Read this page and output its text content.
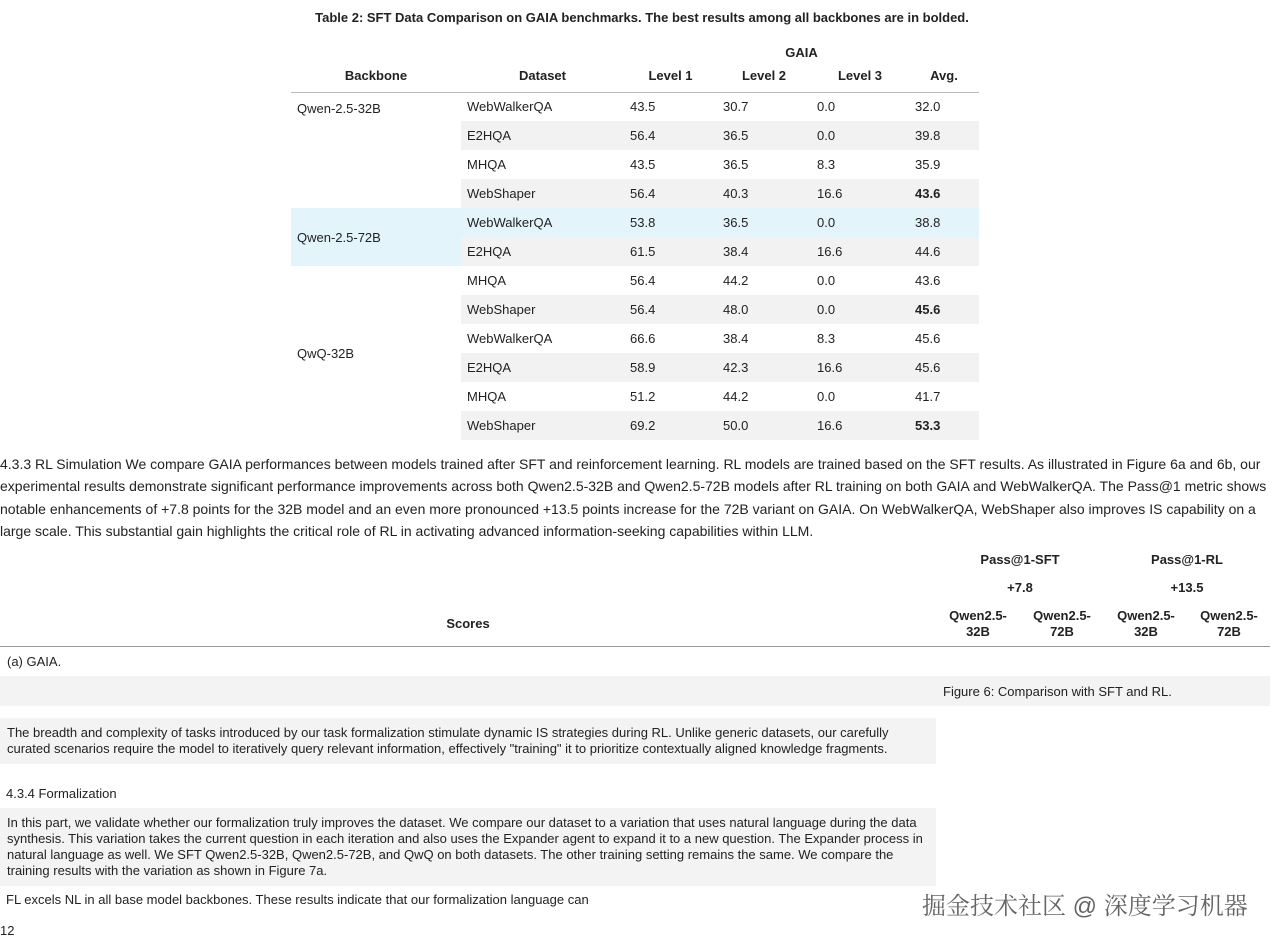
Table 2: SFT Data Comparison on GAIA benchmarks. The best results among all backbones are in bolded.
		GAIA			
Backbone	Dataset	Level 1	Level 2	Level 3	Avg.
Qwen-2.5-32B	WebWalkerQA	43.5	30.7	0.0	32.0
	E2HQA	56.4	36.5	0.0	39.8
	MHQA	43.5	36.5	8.3	35.9
	WebShaper	56.4	40.3	16.6	43.6
Qwen-2.5-72B	WebWalkerQA	53.8	36.5	0.0	38.8
	E2HQA	61.5	38.4	16.6	44.6
QwQ-32B	MHQA	56.4	44.2	0.0	43.6
	WebShaper	56.4	48.0	0.0	45.6
	WebWalkerQA	66.6	38.4	8.3	45.6
	E2HQA	58.9	42.3	16.6	45.6
	MHQA	51.2	44.2	0.0	41.7
	WebShaper	69.2	50.0	16.6	53.3

4.3.3 RL Simulation We compare GAIA performances between models trained after SFT and reinforcement learning. RL models are trained based on the SFT results. As illustrated in Figure 6a and 6b, our experimental results demonstrate significant performance improvements across both Qwen2.5-32B and Qwen2.5-72B models after RL training on both GAIA and WebWalkerQA. The Pass@1 metric shows notable enhancements of +7.8 points for the 32B model and an even more pronounced +13.5 points increase for the 72B variant on GAIA. On WebWalkerQA, WebShaper also improves IS capability on a large scale. This substantial gain highlights the critical role of RL in activating advanced information-seeking capabilities within LLM.

	Pass@1-SFT		Pass@1-RL	
	+7.8		+13.5	
Scores	Qwen2.5-32B	Qwen2.5-72B	Qwen2.5-32B	Qwen2.5-72B
(a) GAIA.				
	Figure 6: Comparison with SFT and RL.			
The breadth and complexity of tasks introduced by our task formalization stimulate dynamic IS strategies during RL. Unlike generic datasets, our carefully curated scenarios require the model to iteratively query relevant information, effectively "training" it to prioritize contextually aligned knowledge fragments.
4.3.4 Formalization
In this part, we validate whether our formalization truly improves the dataset. We compare our dataset to a variation that uses natural language during the data synthesis. This variation takes the current question in each iteration and also uses the Expander agent to expand it to a new question. The Expander process in natural language as well. We SFT Qwen2.5-32B, Qwen2.5-72B, and QwQ on both datasets. The other training setting remains the same. We compare the training results with the variation as shown in Figure 7a.
FL excels NL in all base model backbones. These results indicate that our formalization language can
12
掘金技术社区 @ 深度学习机器
